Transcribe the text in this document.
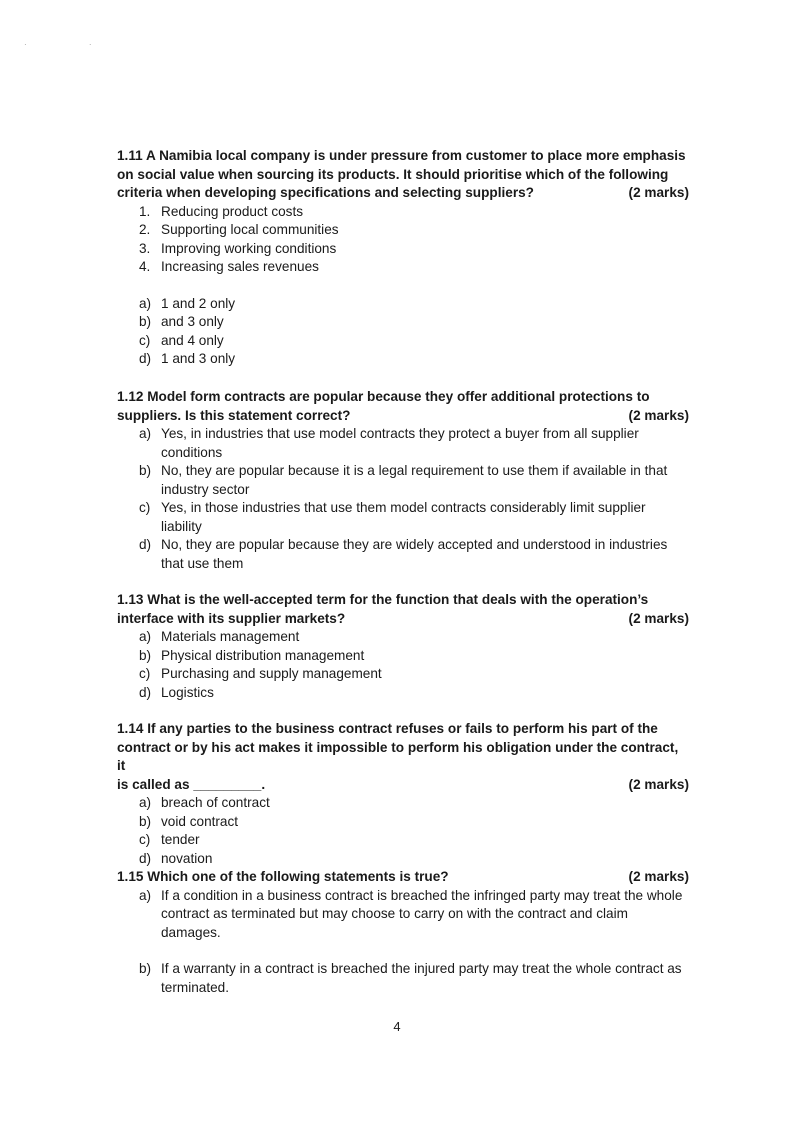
· ·
1.11 A Namibia local company is under pressure from customer to place more emphasis
on social value when sourcing its products. It should prioritise which of the following
criteria when developing specifications and selecting suppliers?	(2 marks)
1. Reducing product costs
2. Supporting local communities
3. Improving working conditions
4. Increasing sales revenues
a) 1 and 2 only
b) and 3 only
c) and 4 only
d) 1 and 3 only
1.12 Model form contracts are popular because they offer additional protections to
suppliers. Is this statement correct?	(2 marks)
a) Yes, in industries that use model contracts they protect a buyer from all supplier conditions
b) No, they are popular because it is a legal requirement to use them if available in that industry sector
c) Yes, in those industries that use them model contracts considerably limit supplier liability
d) No, they are popular because they are widely accepted and understood in industries that use them
1.13 What is the well-accepted term for the function that deals with the operation’s
interface with its supplier markets?	(2 marks)
a) Materials management
b) Physical distribution management
c) Purchasing and supply management
d) Logistics
1.14 If any parties to the business contract refuses or fails to perform his part of the
contract or by his act makes it impossible to perform his obligation under the contract, it
is called as _________.	(2 marks)
a) breach of contract
b) void contract
c) tender
d) novation
1.15 Which one of the following statements is true?	(2 marks)
a) If a condition in a business contract is breached the infringed party may treat the whole contract as terminated but may choose to carry on with the contract and claim damages.
b) If a warranty in a contract is breached the injured party may treat the whole contract as terminated.
4
